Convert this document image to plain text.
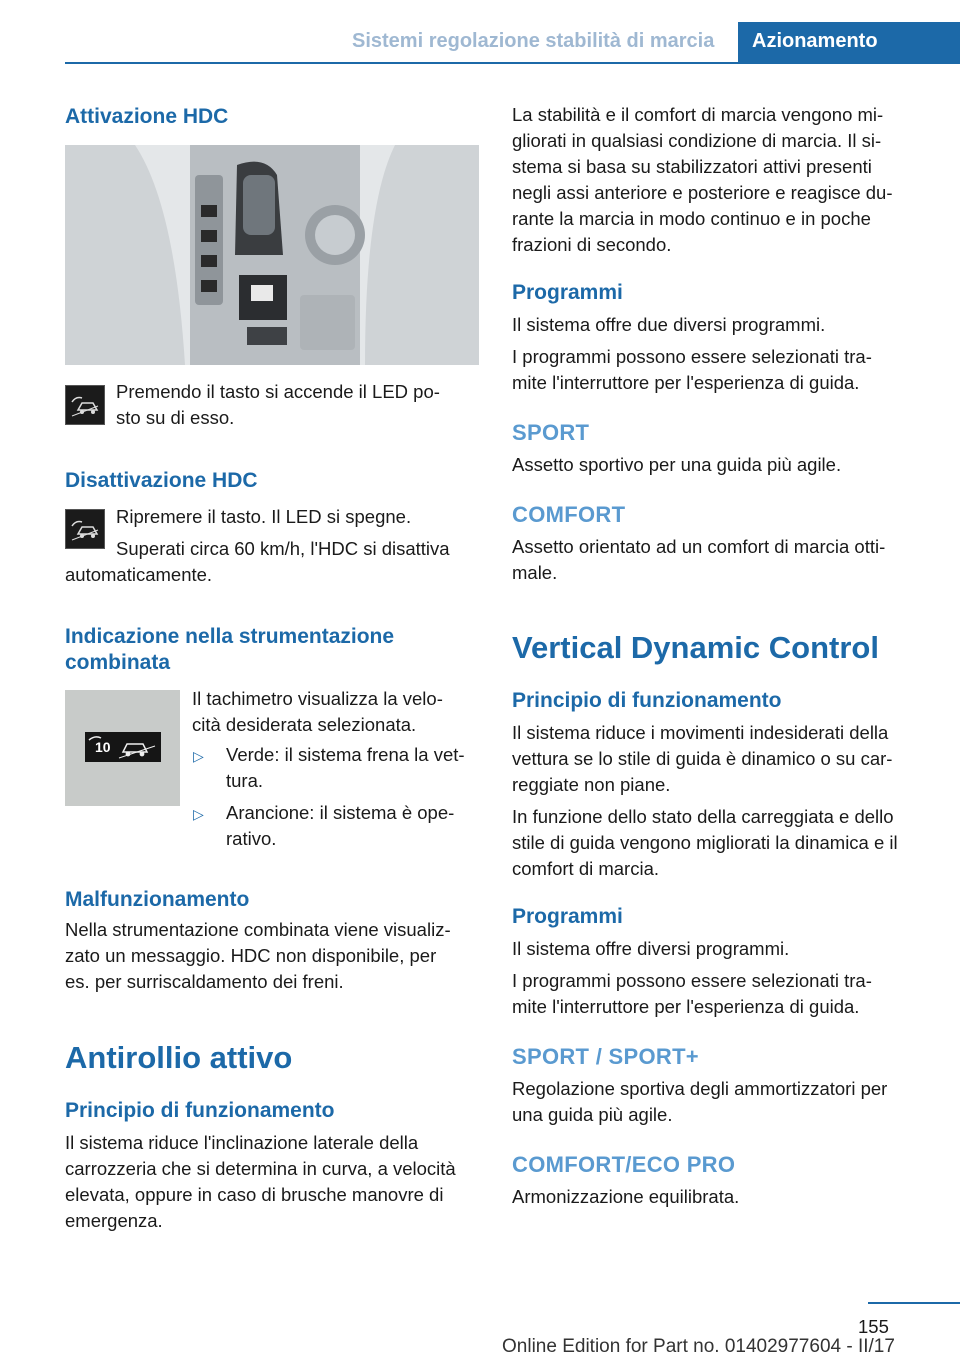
Sistemi regolazione stabilità di marcia	Azionamento
Attivazione HDC
Premendo il tasto si accende il LED po-
sto su di esso.
Disattivazione HDC
Ripremere il tasto. Il LED si spegne.
Superati circa 60 km/h, l'HDC si disattiva
automaticamente.
Indicazione nella strumentazione
combinata
10
Il tachimetro visualizza la velo-
cità desiderata selezionata.
▷ Verde: il sistema frena la vet-
tura.
▷ Arancione: il sistema è ope-
rativo.
Malfunzionamento
Nella strumentazione combinata viene visualiz-
zato un messaggio. HDC non disponibile, per
es. per surriscaldamento dei freni.
Antirollio attivo
Principio di funzionamento
Il sistema riduce l'inclinazione laterale della
carrozzeria che si determina in curva, a velocità
elevata, oppure in caso di brusche manovre di
emergenza.
La stabilità e il comfort di marcia vengono mi-
gliorati in qualsiasi condizione di marcia. Il si-
stema si basa su stabilizzatori attivi presenti
negli assi anteriore e posteriore e reagisce du-
rante la marcia in modo continuo e in poche
frazioni di secondo.
Programmi
Il sistema offre due diversi programmi.
I programmi possono essere selezionati tra-
mite l'interruttore per l'esperienza di guida.
SPORT
Assetto sportivo per una guida più agile.
COMFORT
Assetto orientato ad un comfort di marcia otti-
male.
Vertical Dynamic Control
Principio di funzionamento
Il sistema riduce i movimenti indesiderati della
vettura se lo stile di guida è dinamico o su car-
reggiate non piane.
In funzione dello stato della carreggiata e dello
stile di guida vengono migliorati la dinamica e il
comfort di marcia.
Programmi
Il sistema offre diversi programmi.
I programmi possono essere selezionati tra-
mite l'interruttore per l'esperienza di guida.
SPORT / SPORT+
Regolazione sportiva degli ammortizzatori per
una guida più agile.
COMFORT/ECO PRO
Armonizzazione equilibrata.
155
Online Edition for Part no. 01402977604 - II/17
